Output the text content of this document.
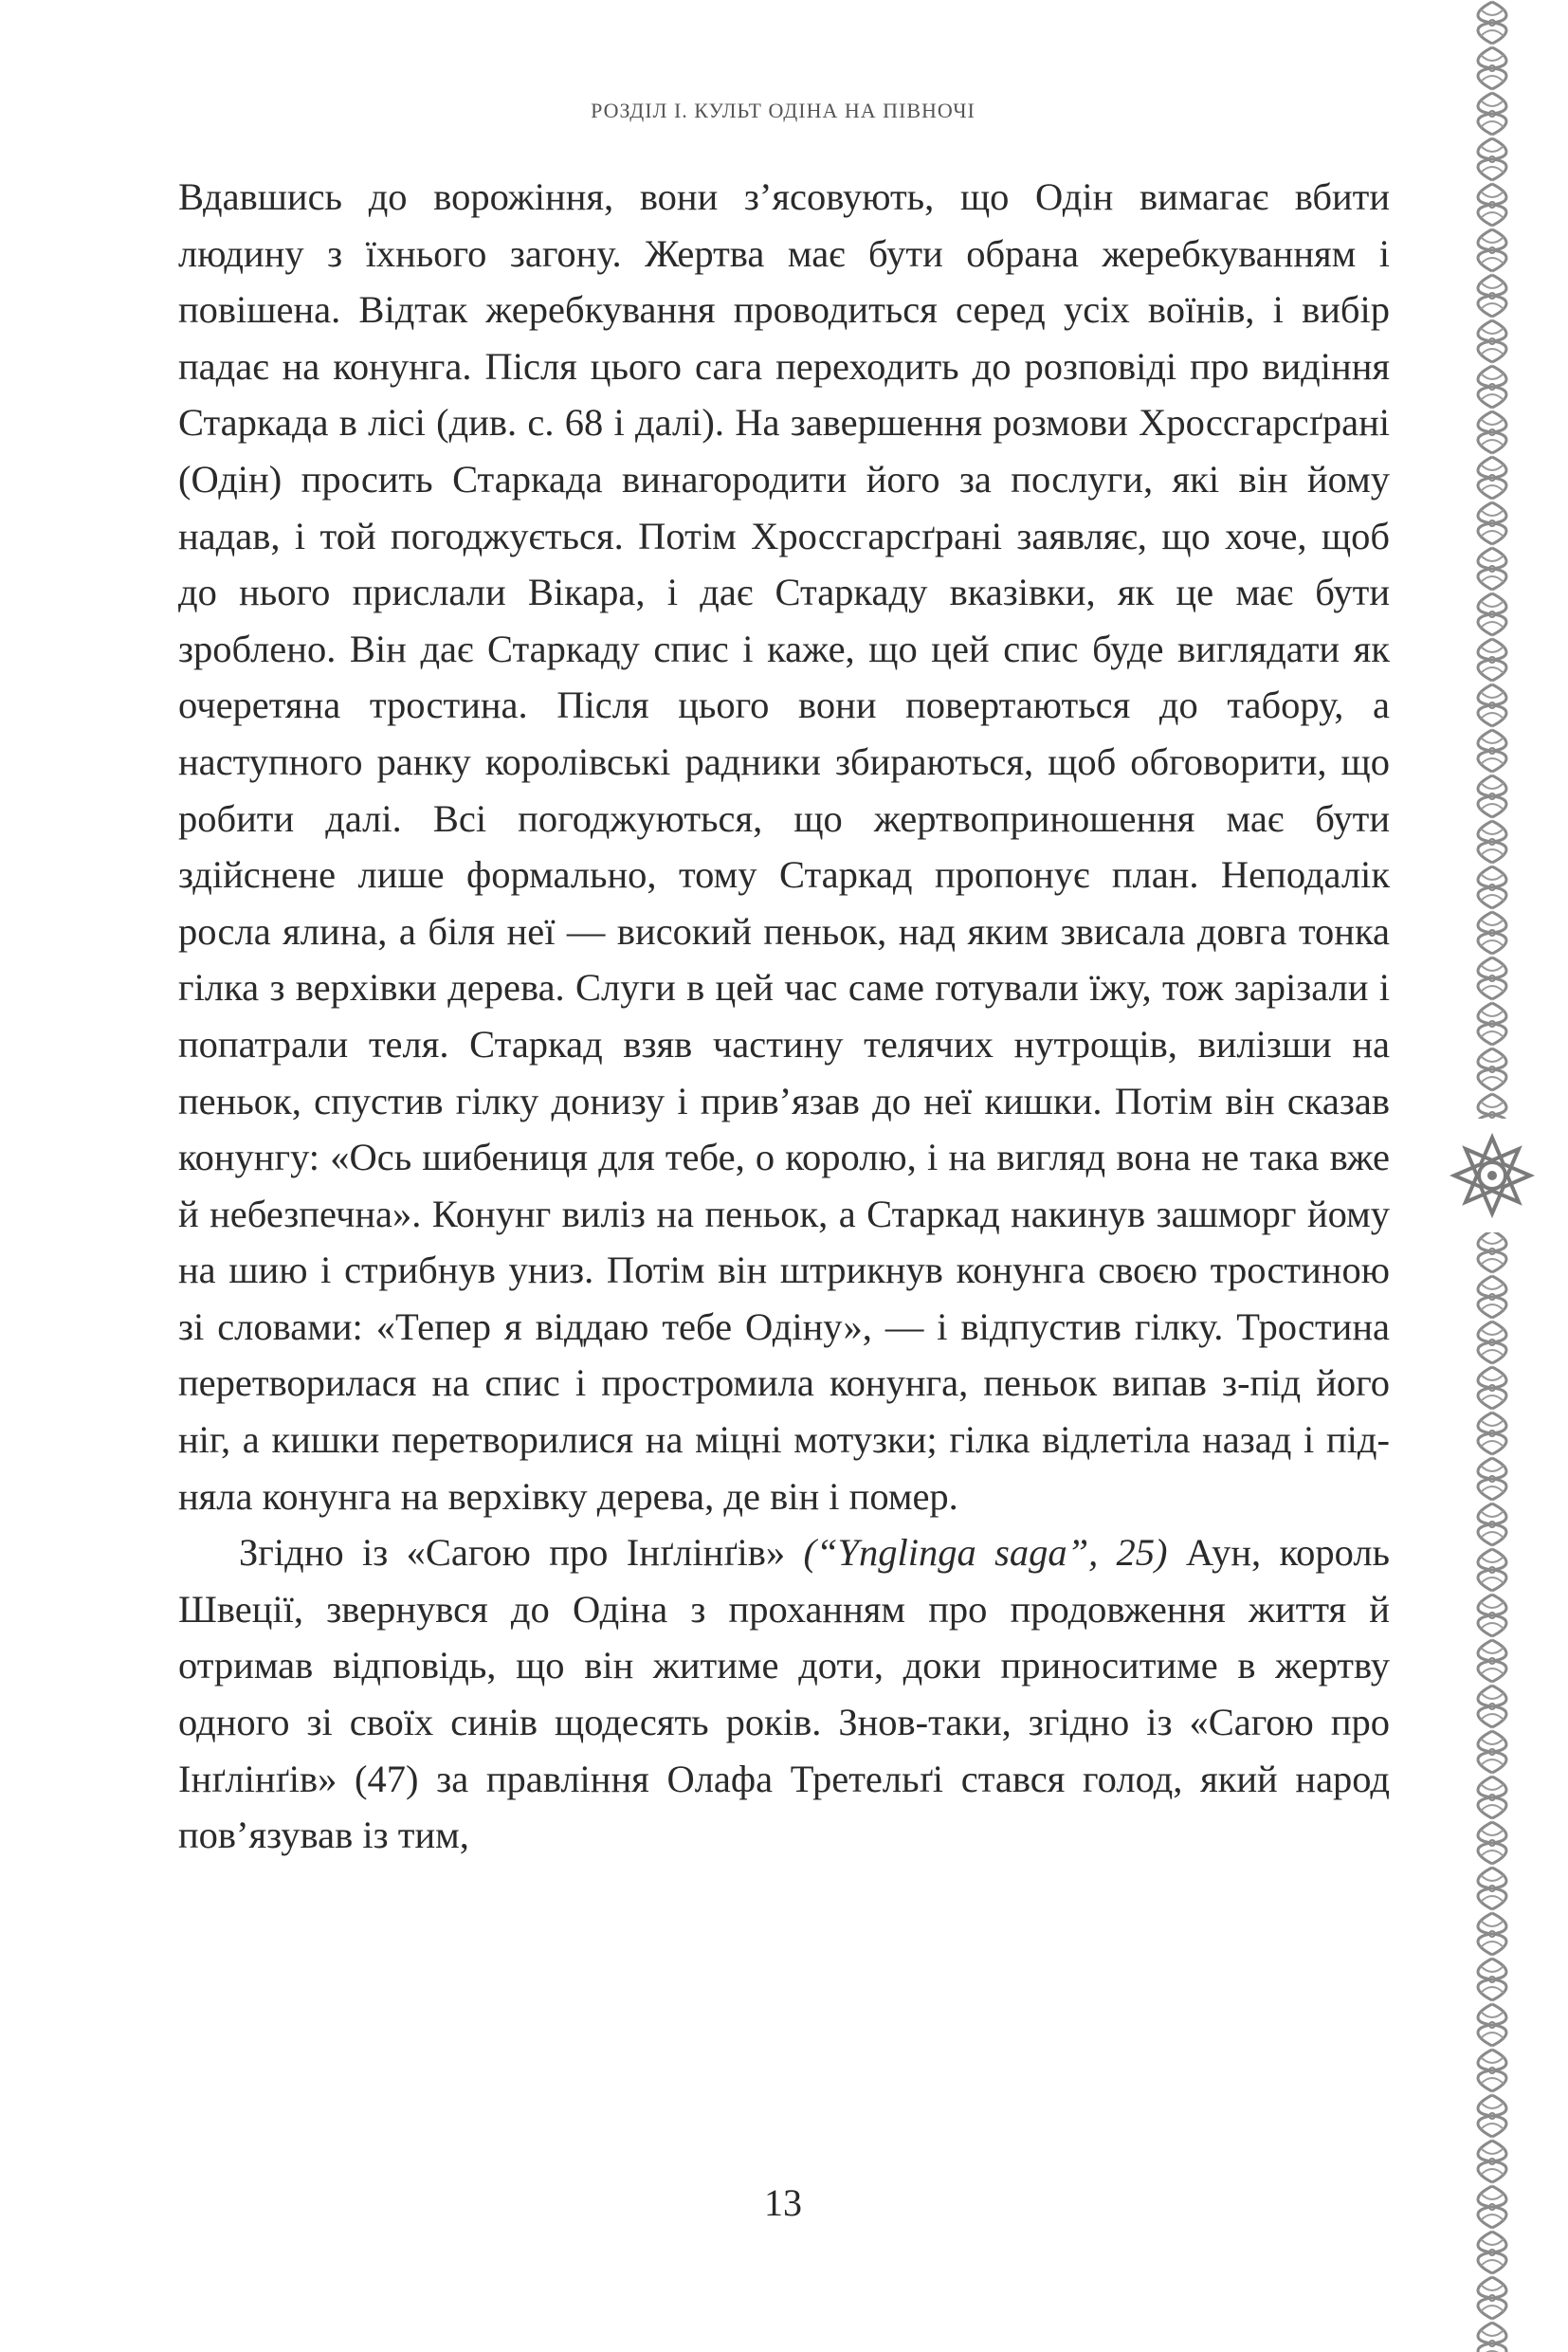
РОЗДІЛ І. КУЛЬТ ОДІНА НА ПІВНОЧІ

Вдавшись до ворожіння, вони з’ясовують, що Одін вимагає вбити людину з їхнього загону. Жертва має бути обрана жеребкуванням і повішена. Відтак жеребкування проводиться серед усіх воїнів, і вибір падає на конунга. Після цього сага переходить до розповіді про видіння Старкада в лісі (див. с. 68 і далі). На завершення розмови Хроссгарсґрані (Одін) просить Старкада винагородити його за послуги, які він йому надав, і той погоджується. Потім Хроссгарсґрані заявляє, що хоче, щоб до нього прислали Вікара, і дає Старкаду вказівки, як це має бути зроблено. Він дає Старкаду спис і каже, що цей спис буде виглядати як очеретяна тростина. Після цього вони повертаються до табору, а наступного ранку королівські радники збираються, щоб обговорити, що робити далі. Всі погоджуються, що жертвоприношення має бути здійснене лише формально, тому Старкад пропонує план. Неподалік росла ялина, а біля неї — високий пеньок, над яким звисала довга тонка гілка з верхівки дерева. Слуги в цей час саме готували їжу, тож зарізали і попатрали теля. Старкад взяв частину телячих нутрощів, вилізши на пеньок, спустив гілку донизу і прив’язав до неї кишки. Потім він сказав конунгу: «Ось шибениця для тебе, о королю, і на вигляд вона не така вже й небезпечна». Конунг виліз на пеньок, а Старкад накинув зашморг йому на шию і стрибнув униз. Потім він штрикнув конунга своєю тростиною зі словами: «Тепер я віддаю тебе Одіну», — і відпустив гілку. Тростина перетворилася на спис і простромила конунга, пеньок випав з-під його ніг, а кишки перетворилися на міцні мотузки; гілка відлетіла назад і підняла конунга на верхівку дерева, де він і помер.

Згідно із «Сагою про Інґлінґів» (“Ynglinga saga”, 25) Аун, король Швеції, звернувся до Одіна з проханням про продовження життя й отримав відповідь, що він житиме доти, доки приноситиме в жертву одного зі своїх синів щодесять років. Знов-таки, згідно із «Сагою про Інґлінґів» (47) за правління Олафа Третельґі стався голод, який народ пов’язував із тим,

13
